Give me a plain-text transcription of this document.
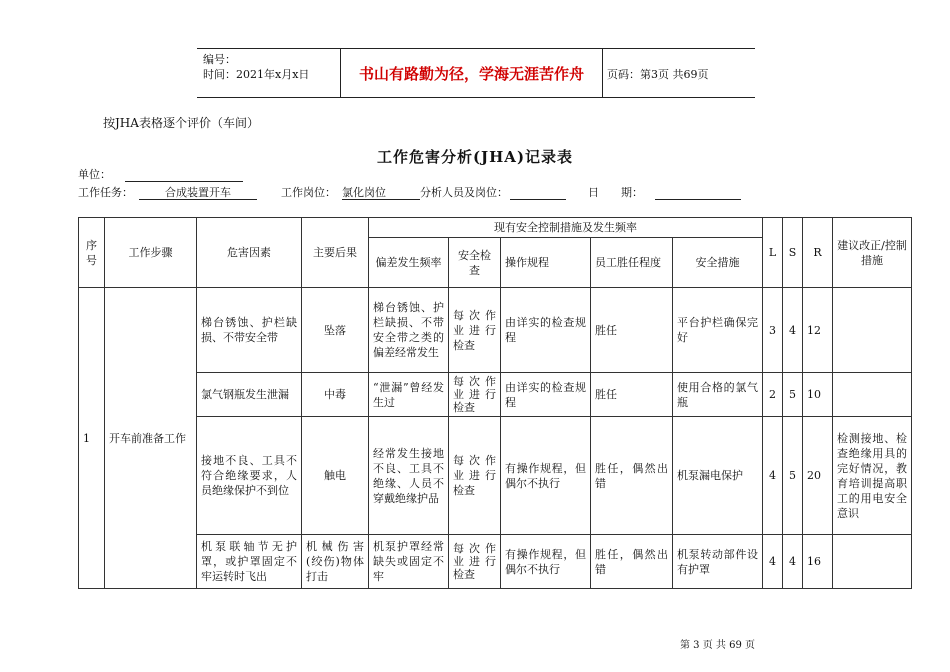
编号：
时间：2021年x月x日	书山有路勤为径，学海无涯苦作舟	页码：第3页 共69页
按JHA表格逐个评价（车间）
工作危害分析(JHA)记录表
单位：
工作任务：	合成装置开车	工作岗位： 氯化岗位	分析人员及岗位：	日　　期：
序号	工作步骤	危害因素	主要后果	现有安全控制措施及发生频率					L	S	R	建议改正/控制措施
				偏差发生频率	安全检查	操作规程	员工胜任程度	安全措施				
1	开车前准备工作	梯台锈蚀、护栏缺损、不带安全带	坠落	梯台锈蚀、护栏缺损、不带安全带之类的偏差经常发生	每次作业进行检查	由详实的检查规程	胜任	平台护栏确保完好	3	4	12	
		氯气钢瓶发生泄漏	中毒	“泄漏”曾经发生过	每次作业进行检查	由详实的检查规程	胜任	使用合格的氯气瓶	2	5	10	
		接地不良、工具不符合绝缘要求，人员绝缘保护不到位	触电	经常发生接地不良、工具不绝缘、人员不穿戴绝缘护品	每次作业进行检查	有操作规程，但偶尔不执行	胜任，偶然出错	机泵漏电保护	4	5	20	检测接地、检查绝缘用具的完好情况，教育培训提高职工的用电安全意识
		机泵联轴节无护罩，或护罩固定不牢运转时飞出	机械伤害(绞伤)物体打击	机泵护罩经常缺失或固定不牢	每次作业进行检查	有操作规程，但偶尔不执行	胜任，偶然出错	机泵转动部件设有护罩	4	4	16	
第 3 页 共 69 页
